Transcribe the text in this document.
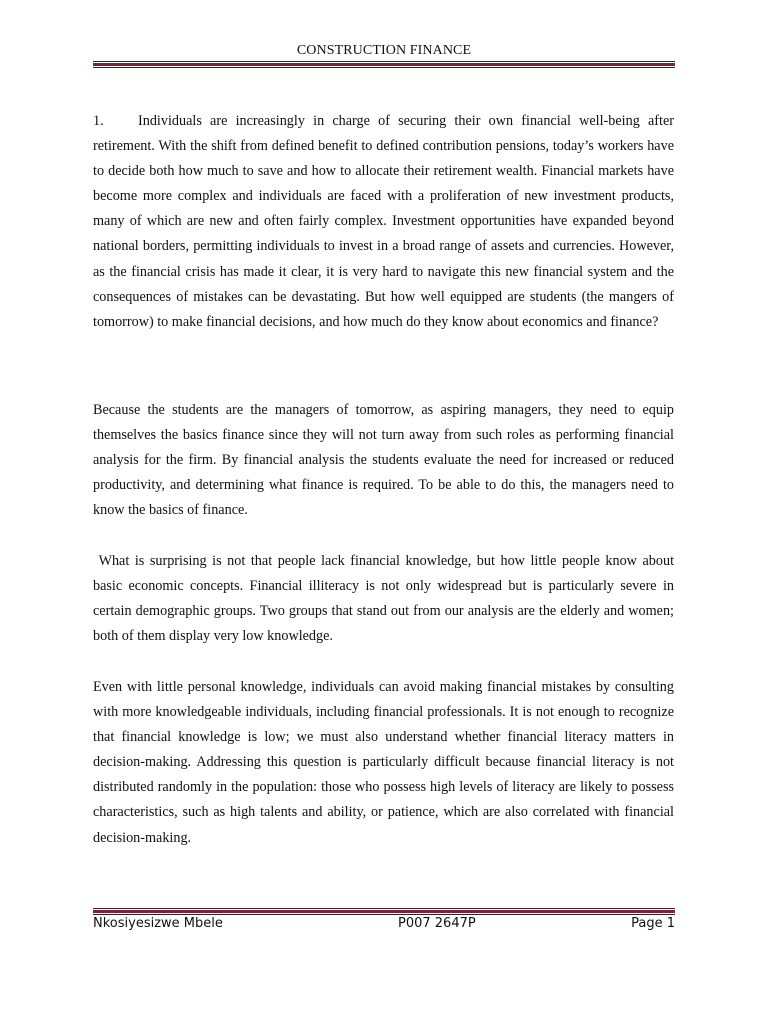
CONSTRUCTION FINANCE

1. Individuals are increasingly in charge of securing their own financial well-being after retirement. With the shift from defined benefit to defined contribution pensions, today’s workers have to decide both how much to save and how to allocate their retirement wealth. Financial markets have become more complex and individuals are faced with a proliferation of new investment products, many of which are new and often fairly complex. Investment opportunities have expanded beyond national borders, permitting individuals to invest in a broad range of assets and currencies. However, as the financial crisis has made it clear, it is very hard to navigate this new financial system and the consequences of mistakes can be devastating. But how well equipped are students (the mangers of tomorrow) to make financial decisions, and how much do they know about economics and finance?

Because the students are the managers of tomorrow, as aspiring managers, they need to equip themselves the basics finance since they will not turn away from such roles as performing financial analysis for the firm. By financial analysis the students evaluate the need for increased or reduced productivity, and determining what finance is required. To be able to do this, the managers need to know the basics of finance.

What is surprising is not that people lack financial knowledge, but how little people know about basic economic concepts. Financial illiteracy is not only widespread but is particularly severe in certain demographic groups. Two groups that stand out from our analysis are the elderly and women; both of them display very low knowledge.

Even with little personal knowledge, individuals can avoid making financial mistakes by consulting with more knowledgeable individuals, including financial professionals. It is not enough to recognize that financial knowledge is low; we must also understand whether financial literacy matters in decision-making. Addressing this question is particularly difficult because financial literacy is not distributed randomly in the population: those who possess high levels of literacy are likely to possess characteristics, such as high talents and ability, or patience, which are also correlated with financial decision-making.

Nkosiyesizwe Mbele	P007 2647P	Page 1
